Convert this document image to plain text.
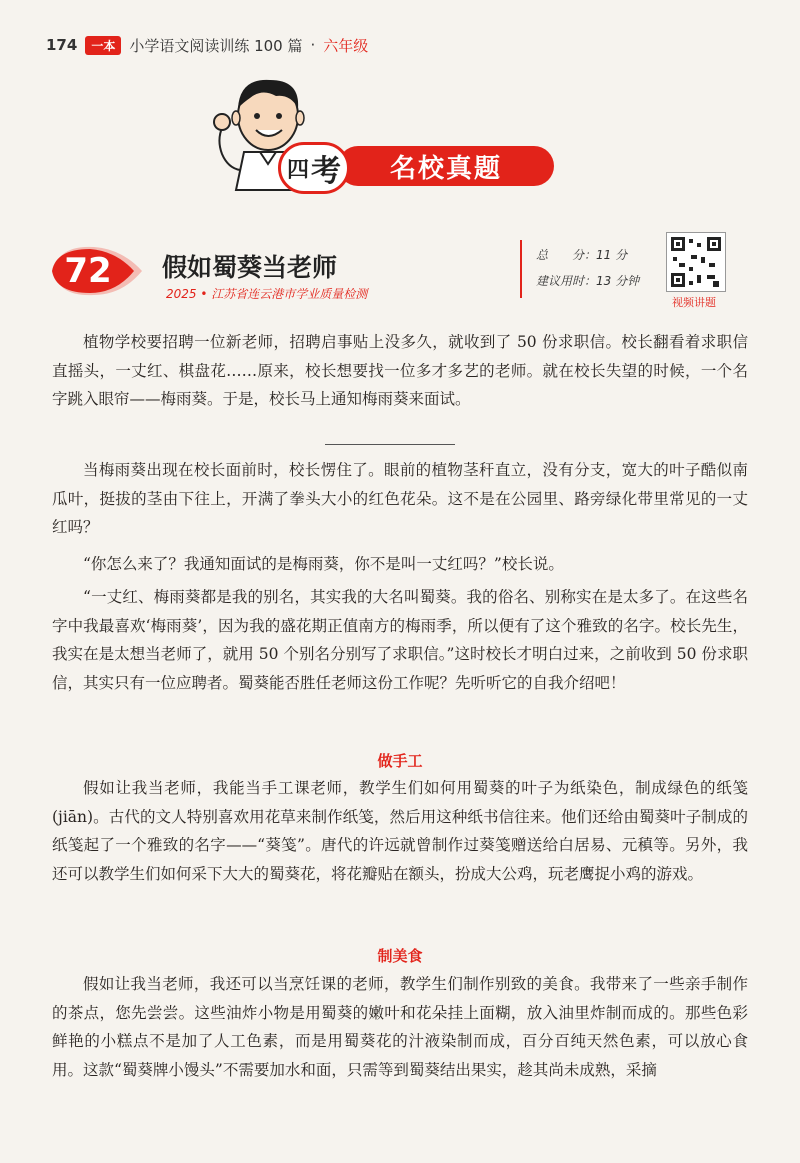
174	一本 小学语文阅读训练 100 篇 · 六年级
名校真题
四 考
72	假如蜀葵当老师
2025 • 江苏省连云港市学业质量检测
总　　分：11 分
建议用时：13 分钟
视频讲题

植物学校要招聘一位新老师，招聘启事贴上没多久，就收到了 50 份求职信。校长翻看着求职信直摇头，一丈红、棋盘花……原来，校长想要找一位多才多艺的老师。就在校长失望的时候，一个名字跳入眼帘——梅雨葵。于是，校长马上通知梅雨葵来面试。

当梅雨葵出现在校长面前时，校长愣住了。眼前的植物茎秆直立，没有分支，宽大的叶子酷似南瓜叶，挺拔的茎由下往上，开满了拳头大小的红色花朵。这不是在公园里、路旁绿化带里常见的一丈红吗？

“你怎么来了？我通知面试的是梅雨葵，你不是叫一丈红吗？”校长说。

“一丈红、梅雨葵都是我的别名，其实我的大名叫蜀葵。我的俗名、别称实在是太多了。在这些名字中我最喜欢‘梅雨葵’，因为我的盛花期正值南方的梅雨季，所以便有了这个雅致的名字。校长先生，我实在是太想当老师了，就用 50 个别名分别写了求职信。”这时校长才明白过来，之前收到 50 份求职信，其实只有一位应聘者。蜀葵能否胜任老师这份工作呢？先听听它的自我介绍吧！

做手工

假如让我当老师，我能当手工课老师，教学生们如何用蜀葵的叶子为纸染色，制成绿色的纸笺(jiān)。古代的文人特别喜欢用花草来制作纸笺，然后用这种纸书信往来。他们还给由蜀葵叶子制成的纸笺起了一个雅致的名字——“葵笺”。唐代的许远就曾制作过葵笺赠送给白居易、元稹等。另外，我还可以教学生们如何采下大大的蜀葵花，将花瓣贴在额头，扮成大公鸡，玩老鹰捉小鸡的游戏。

制美食

假如让我当老师，我还可以当烹饪课的老师，教学生们制作别致的美食。我带来了一些亲手制作的茶点，您先尝尝。这些油炸小物是用蜀葵的嫩叶和花朵挂上面糊，放入油里炸制而成的。那些色彩鲜艳的小糕点不是加了人工色素，而是用蜀葵花的汁液染制而成，百分百纯天然色素，可以放心食用。这款“蜀葵牌小馒头”不需要加水和面，只需等到蜀葵结出果实，趁其尚未成熟，采摘
